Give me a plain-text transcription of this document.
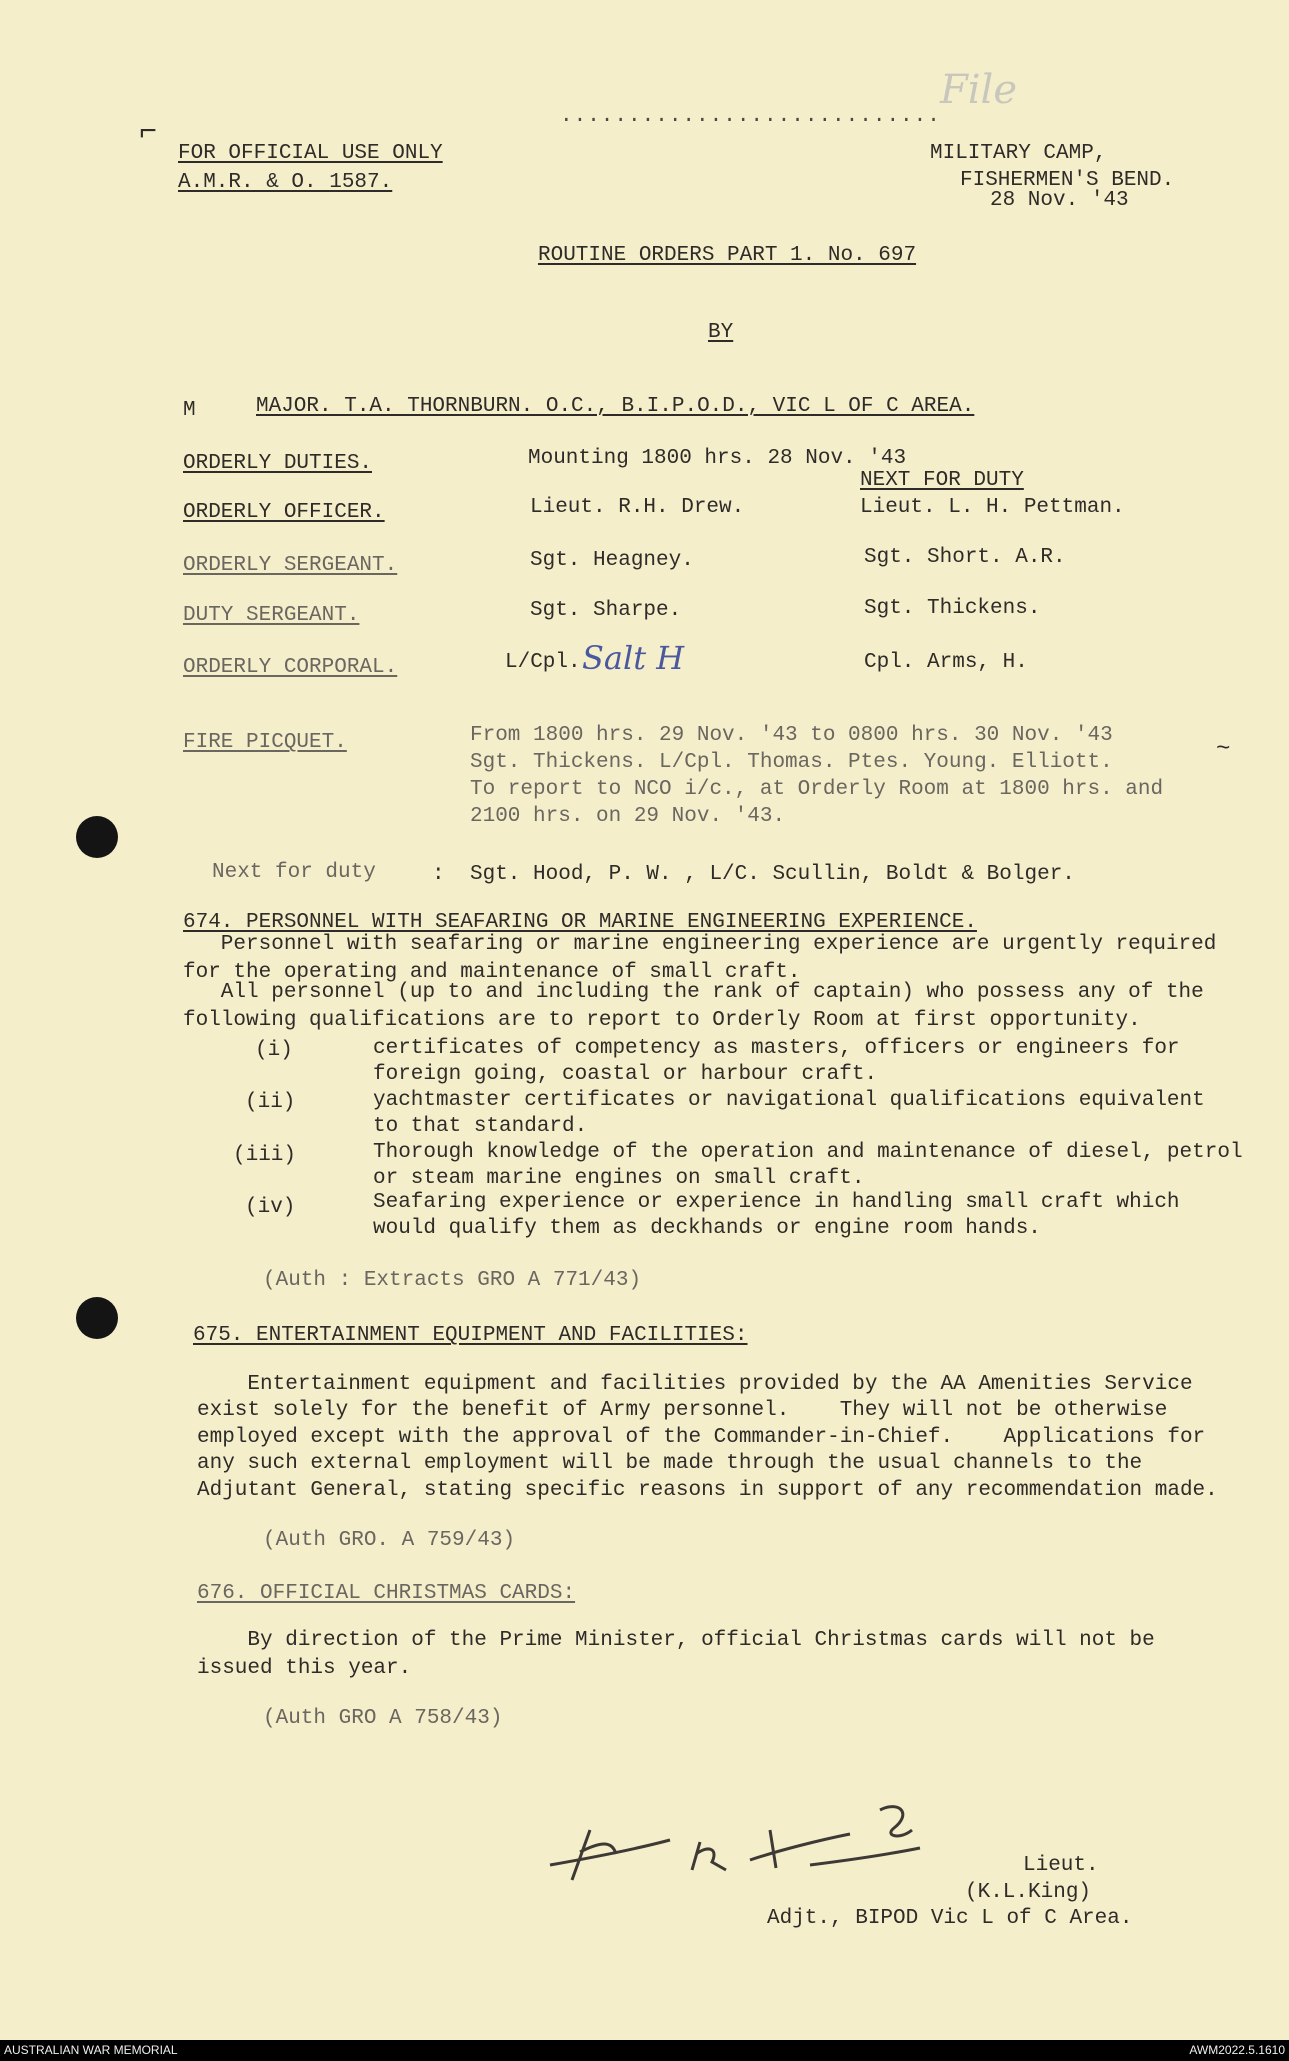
File
⌐
FOR OFFICIAL USE ONLY
A.M.R. & O. 1587.
............................
MILITARY CAMP,
FISHERMEN'S BEND.
28 Nov. '43
ROUTINE ORDERS PART 1. No. 697
BY
M	MAJOR. T.A. THORNBURN. O.C., B.I.P.O.D., VIC L OF C AREA.
NEXT FOR DUTY
ORDERLY DUTIES.	Mounting 1800 hrs. 28 Nov. '43
ORDERLY OFFICER.	Lieut. R.H. Drew.	Lieut. L. H. Pettman.
ORDERLY SERGEANT.	Sgt. Heagney.	Sgt. Short. A.R.
DUTY SERGEANT.	Sgt. Sharpe.	Sgt. Thickens.
ORDERLY CORPORAL.	L/Cpl. Salt H	Cpl. Arms, H.
FIRE PICQUET.	From 1800 hrs. 29 Nov. '43 to 0800 hrs. 30 Nov. '43
Sgt. Thickens. L/Cpl. Thomas. Ptes. Young. Elliott.
To report to NCO i/c., at Orderly Room at 1800 hrs. and
2100 hrs. on 29 Nov. '43.
~
Next for duty	: Sgt. Hood, P. W. , L/C. Scullin, Boldt & Bolger.
674. PERSONNEL WITH SEAFARING OR MARINE ENGINEERING EXPERIENCE.
Personnel with seafaring or marine engineering experience are urgently required
for the operating and maintenance of small craft.
All personnel (up to and including the rank of captain) who possess any of the
following qualifications are to report to Orderly Room at first opportunity.
(i)	certificates of competency as masters, officers or engineers for
foreign going, coastal or harbour craft.
(ii)	yachtmaster certificates or navigational qualifications equivalent
to that standard.
(iii)	Thorough knowledge of the operation and maintenance of diesel, petrol
or steam marine engines on small craft.
(iv)	Seafaring experience or experience in handling small craft which
would qualify them as deckhands or engine room hands.
(Auth : Extracts GRO A 771/43)
675. ENTERTAINMENT EQUIPMENT AND FACILITIES:
Entertainment equipment and facilities provided by the AA Amenities Service
exist solely for the benefit of Army personnel.    They will not be otherwise
employed except with the approval of the Commander-in-Chief.    Applications for
any such external employment will be made through the usual channels to the
Adjutant General, stating specific reasons in support of any recommendation made.
(Auth GRO. A 759/43)
676. OFFICIAL CHRISTMAS CARDS:
By direction of the Prime Minister, official Christmas cards will not be
issued this year.
(Auth GRO A 758/43)
Lieut.
(K.L.King)
Adjt., BIPOD Vic L of C Area.
AUSTRALIAN WAR MEMORIAL	AWM2022.5.1610
